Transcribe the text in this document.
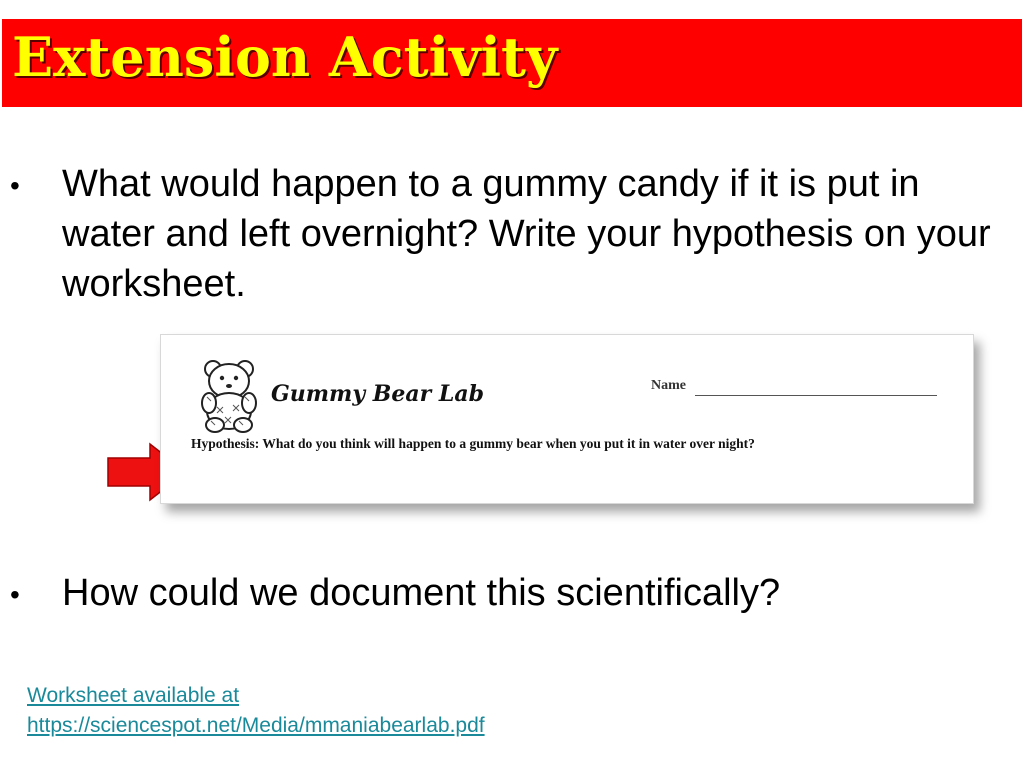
Extension Activity
• What would happen to a gummy candy if it is put in water and left overnight? Write your hypothesis on your worksheet.
Gummy Bear Lab	Name
Hypothesis: What do you think will happen to a gummy bear when you put it in water over night?
• How could we document this scientifically?
Worksheet available at
https://sciencespot.net/Media/mmaniabearlab.pdf
